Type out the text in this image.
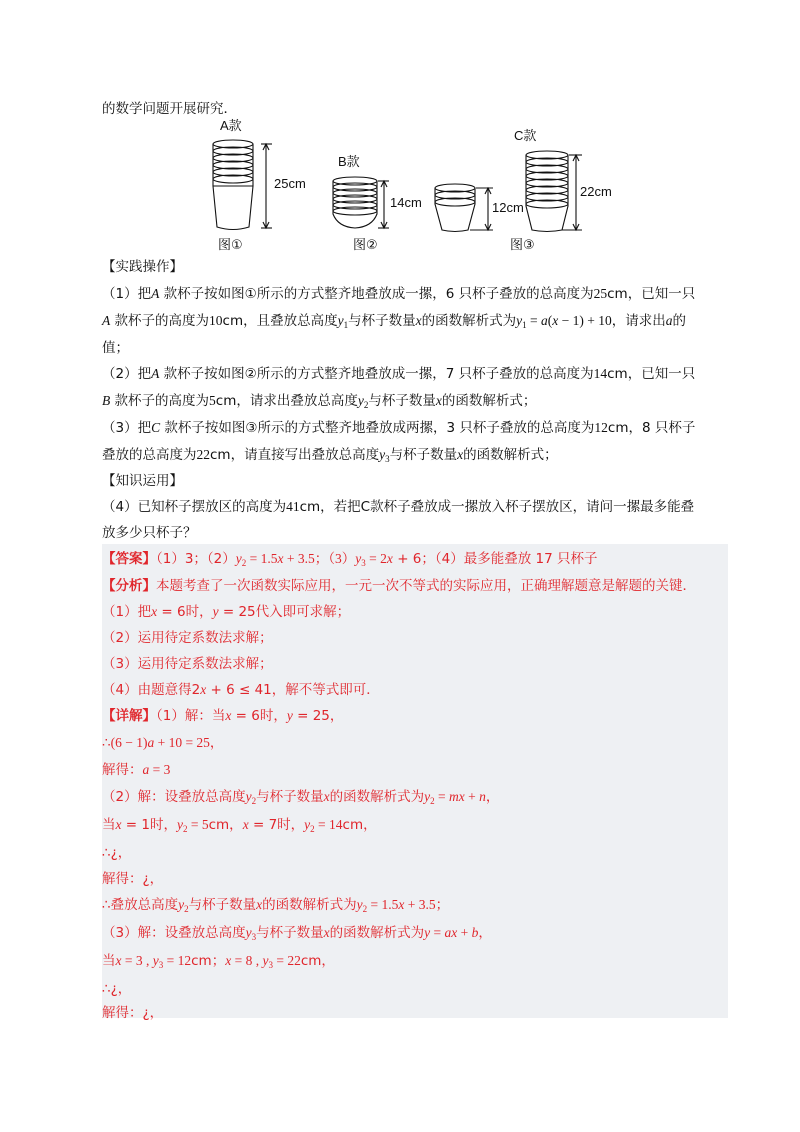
的数学问题开展研究．
A款
25cm
B款
14cm	12cm
C款
22cm
图①	图②	图③
【实践操作】
（1）把A 款杯子按如图①所示的方式整齐地叠放成一摞，6 只杯子叠放的总高度为25cm，已知一只
A 款杯子的高度为10cm，且叠放总高度$y_1$与杯子数量x的函数解析式为$y_1 = a(x - 1) + 10$，请求出a的
值；
（2）把A 款杯子按如图②所示的方式整齐地叠放成一摞，7 只杯子叠放的总高度为14cm，已知一只
B 款杯子的高度为5cm，请求出叠放总高度$y_2$与杯子数量x的函数解析式；
（3）把C 款杯子按如图③所示的方式整齐地叠放成两摞，3 只杯子叠放的总高度为12cm，8 只杯子
叠放的总高度为22cm，请直接写出叠放总高度$y_3$与杯子数量x的函数解析式；
【知识运用】
（4）已知杯子摆放区的高度为41cm，若把C款杯子叠放成一摞放入杯子摆放区，请问一摞最多能叠
放多少只杯子？
【答案】（1）3；$(2)y_2 = 1.5x + 3.5$；$(3)y_3 = 2x + 6$；（4）最多能叠放 17 只杯子
【分析】本题考查了一次函数实际应用，一元一次不等式的实际应用，正确理解题意是解题的关键．
（1）把x = 6时，y = 25代入即可求解；
（2）运用待定系数法求解；
（3）运用待定系数法求解；
（4）由题意得2x + 6 ≤ 41，解不等式即可．
【详解】（1）解：当x = 6时，y = 25，
∴(6 − 1)a + 10 = 25，
解得：a = 3
（2）解：设叠放总高度$y_2$与杯子数量x的函数解析式为$y_2$ = mx + n，
当x = 1时，$y_2 = 5cm$，x = 7时，$y_2 = 14cm$，
∴¿，
解得：¿，
∴叠放总高度$y_2$与杯子数量x的函数解析式为$y_2 = 1.5x + 3.5$；
（3）解：设叠放总高度$y_3$与杯子数量x的函数解析式为y = ax + b，
当x = 3 , $y_3 = 12cm$；x = 8 , $y_3 = 22cm$，
∴¿，
解得：¿，
